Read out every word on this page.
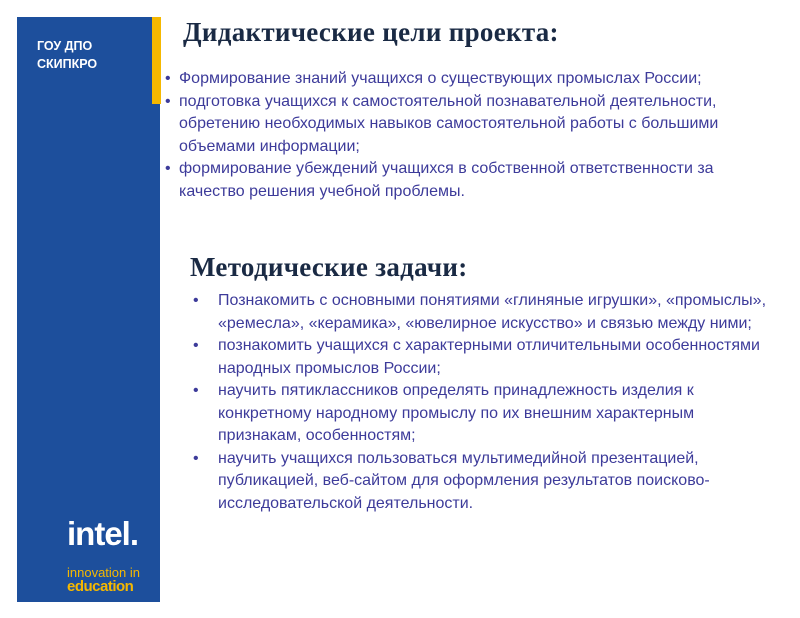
ГОУ ДПО
СКИПКРО
intel.
innovation in
education
Дидактические цели проекта:
• Формирование знаний учащихся о существующих промыслах России;
• подготовка учащихся к самостоятельной познавательной деятельности, обретению необходимых навыков самостоятельной работы с большими объемами информации;
• формирование убеждений учащихся в собственной ответственности за качество решения учебной проблемы.
Методические задачи:
• Познакомить с основными понятиями «глиняные игрушки», «промыслы», «ремесла», «керамика», «ювелирное искусство» и связью между ними;
• познакомить учащихся с характерными отличительными особенностями народных промыслов России;
• научить пятиклассников определять принадлежность изделия к конкретному народному промыслу по их внешним характерным признакам, особенностям;
• научить учащихся пользоваться мультимедийной презентацией, публикацией, веб-сайтом для оформления результатов поисково-исследовательской деятельности.
